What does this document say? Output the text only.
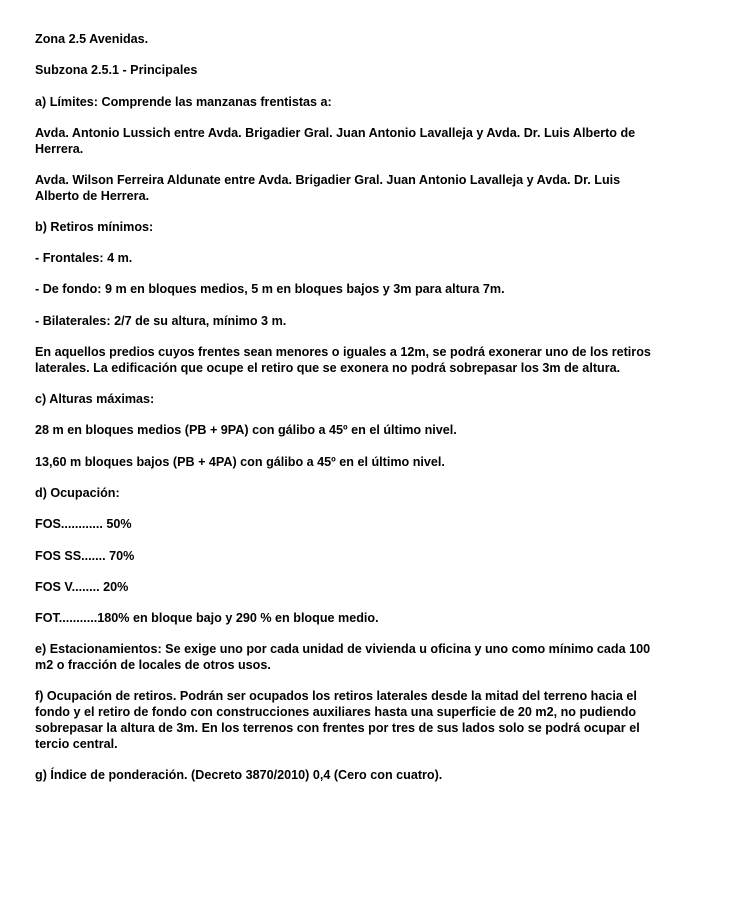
Zona 2.5 Avenidas.

Subzona 2.5.1 - Principales

a) Límites: Comprende las manzanas frentistas a:

Avda. Antonio Lussich entre Avda. Brigadier Gral. Juan Antonio Lavalleja y Avda. Dr. Luis Alberto de Herrera.

Avda. Wilson Ferreira Aldunate entre Avda. Brigadier Gral. Juan Antonio Lavalleja y Avda. Dr. Luis Alberto de Herrera.

b) Retiros mínimos:

- Frontales: 4 m.

- De fondo: 9 m en bloques medios, 5 m en bloques bajos y 3m para altura 7m.

- Bilaterales: 2/7 de su altura, mínimo 3 m.

En aquellos predios cuyos frentes sean menores o iguales a 12m, se podrá exonerar uno de los retiros laterales. La edificación que ocupe el retiro que se exonera no podrá sobrepasar los 3m de altura.

c) Alturas máximas:

28 m en bloques medios (PB + 9PA) con gálibo a 45º en el último nivel.

13,60 m bloques bajos (PB + 4PA) con gálibo a 45º en el último nivel.

d) Ocupación:

FOS............ 50%

FOS SS....... 70%

FOS V........ 20%

FOT...........180% en bloque bajo y 290 % en bloque medio.

e) Estacionamientos: Se exige uno por cada unidad de vivienda u oficina y uno como mínimo cada 100 m2 o fracción de locales de otros usos.

f) Ocupación de retiros. Podrán ser ocupados los retiros laterales desde la mitad del terreno hacia el fondo y el retiro de fondo con construcciones auxiliares hasta una superficie de 20 m2, no pudiendo sobrepasar la altura de 3m. En los terrenos con frentes por tres de sus lados solo se podrá ocupar el tercio central.

g) Índice de ponderación. (Decreto 3870/2010) 0,4 (Cero con cuatro).
